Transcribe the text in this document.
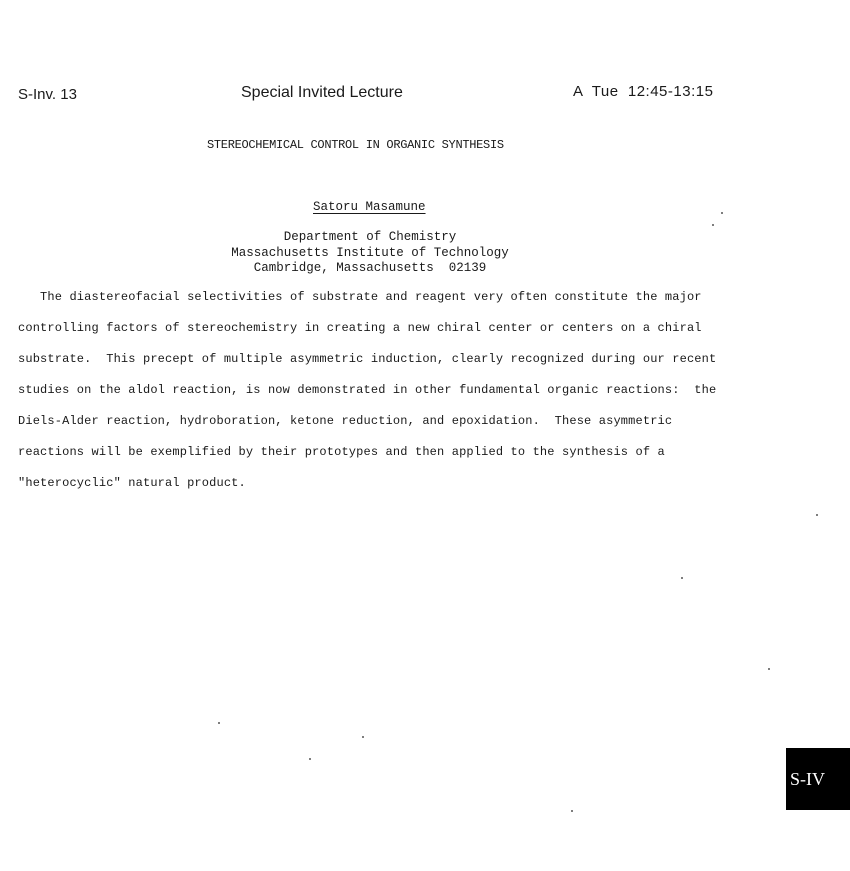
S-Inv. 13	Special Invited Lecture	A  Tue  12:45-13:15
STEREOCHEMICAL CONTROL IN ORGANIC SYNTHESIS
Satoru Masamune
Department of Chemistry
Massachusetts Institute of Technology
Cambridge, Massachusetts  02139
The diastereofacial selectivities of substrate and reagent very often constitute the major
controlling factors of stereochemistry in creating a new chiral center or centers on a chiral
substrate.  This precept of multiple asymmetric induction, clearly recognized during our recent
studies on the aldol reaction, is now demonstrated in other fundamental organic reactions:  the
Diels-Alder reaction, hydroboration, ketone reduction, and epoxidation.  These asymmetric
reactions will be exemplified by their prototypes and then applied to the synthesis of a
"heterocyclic" natural product.
S-IV
